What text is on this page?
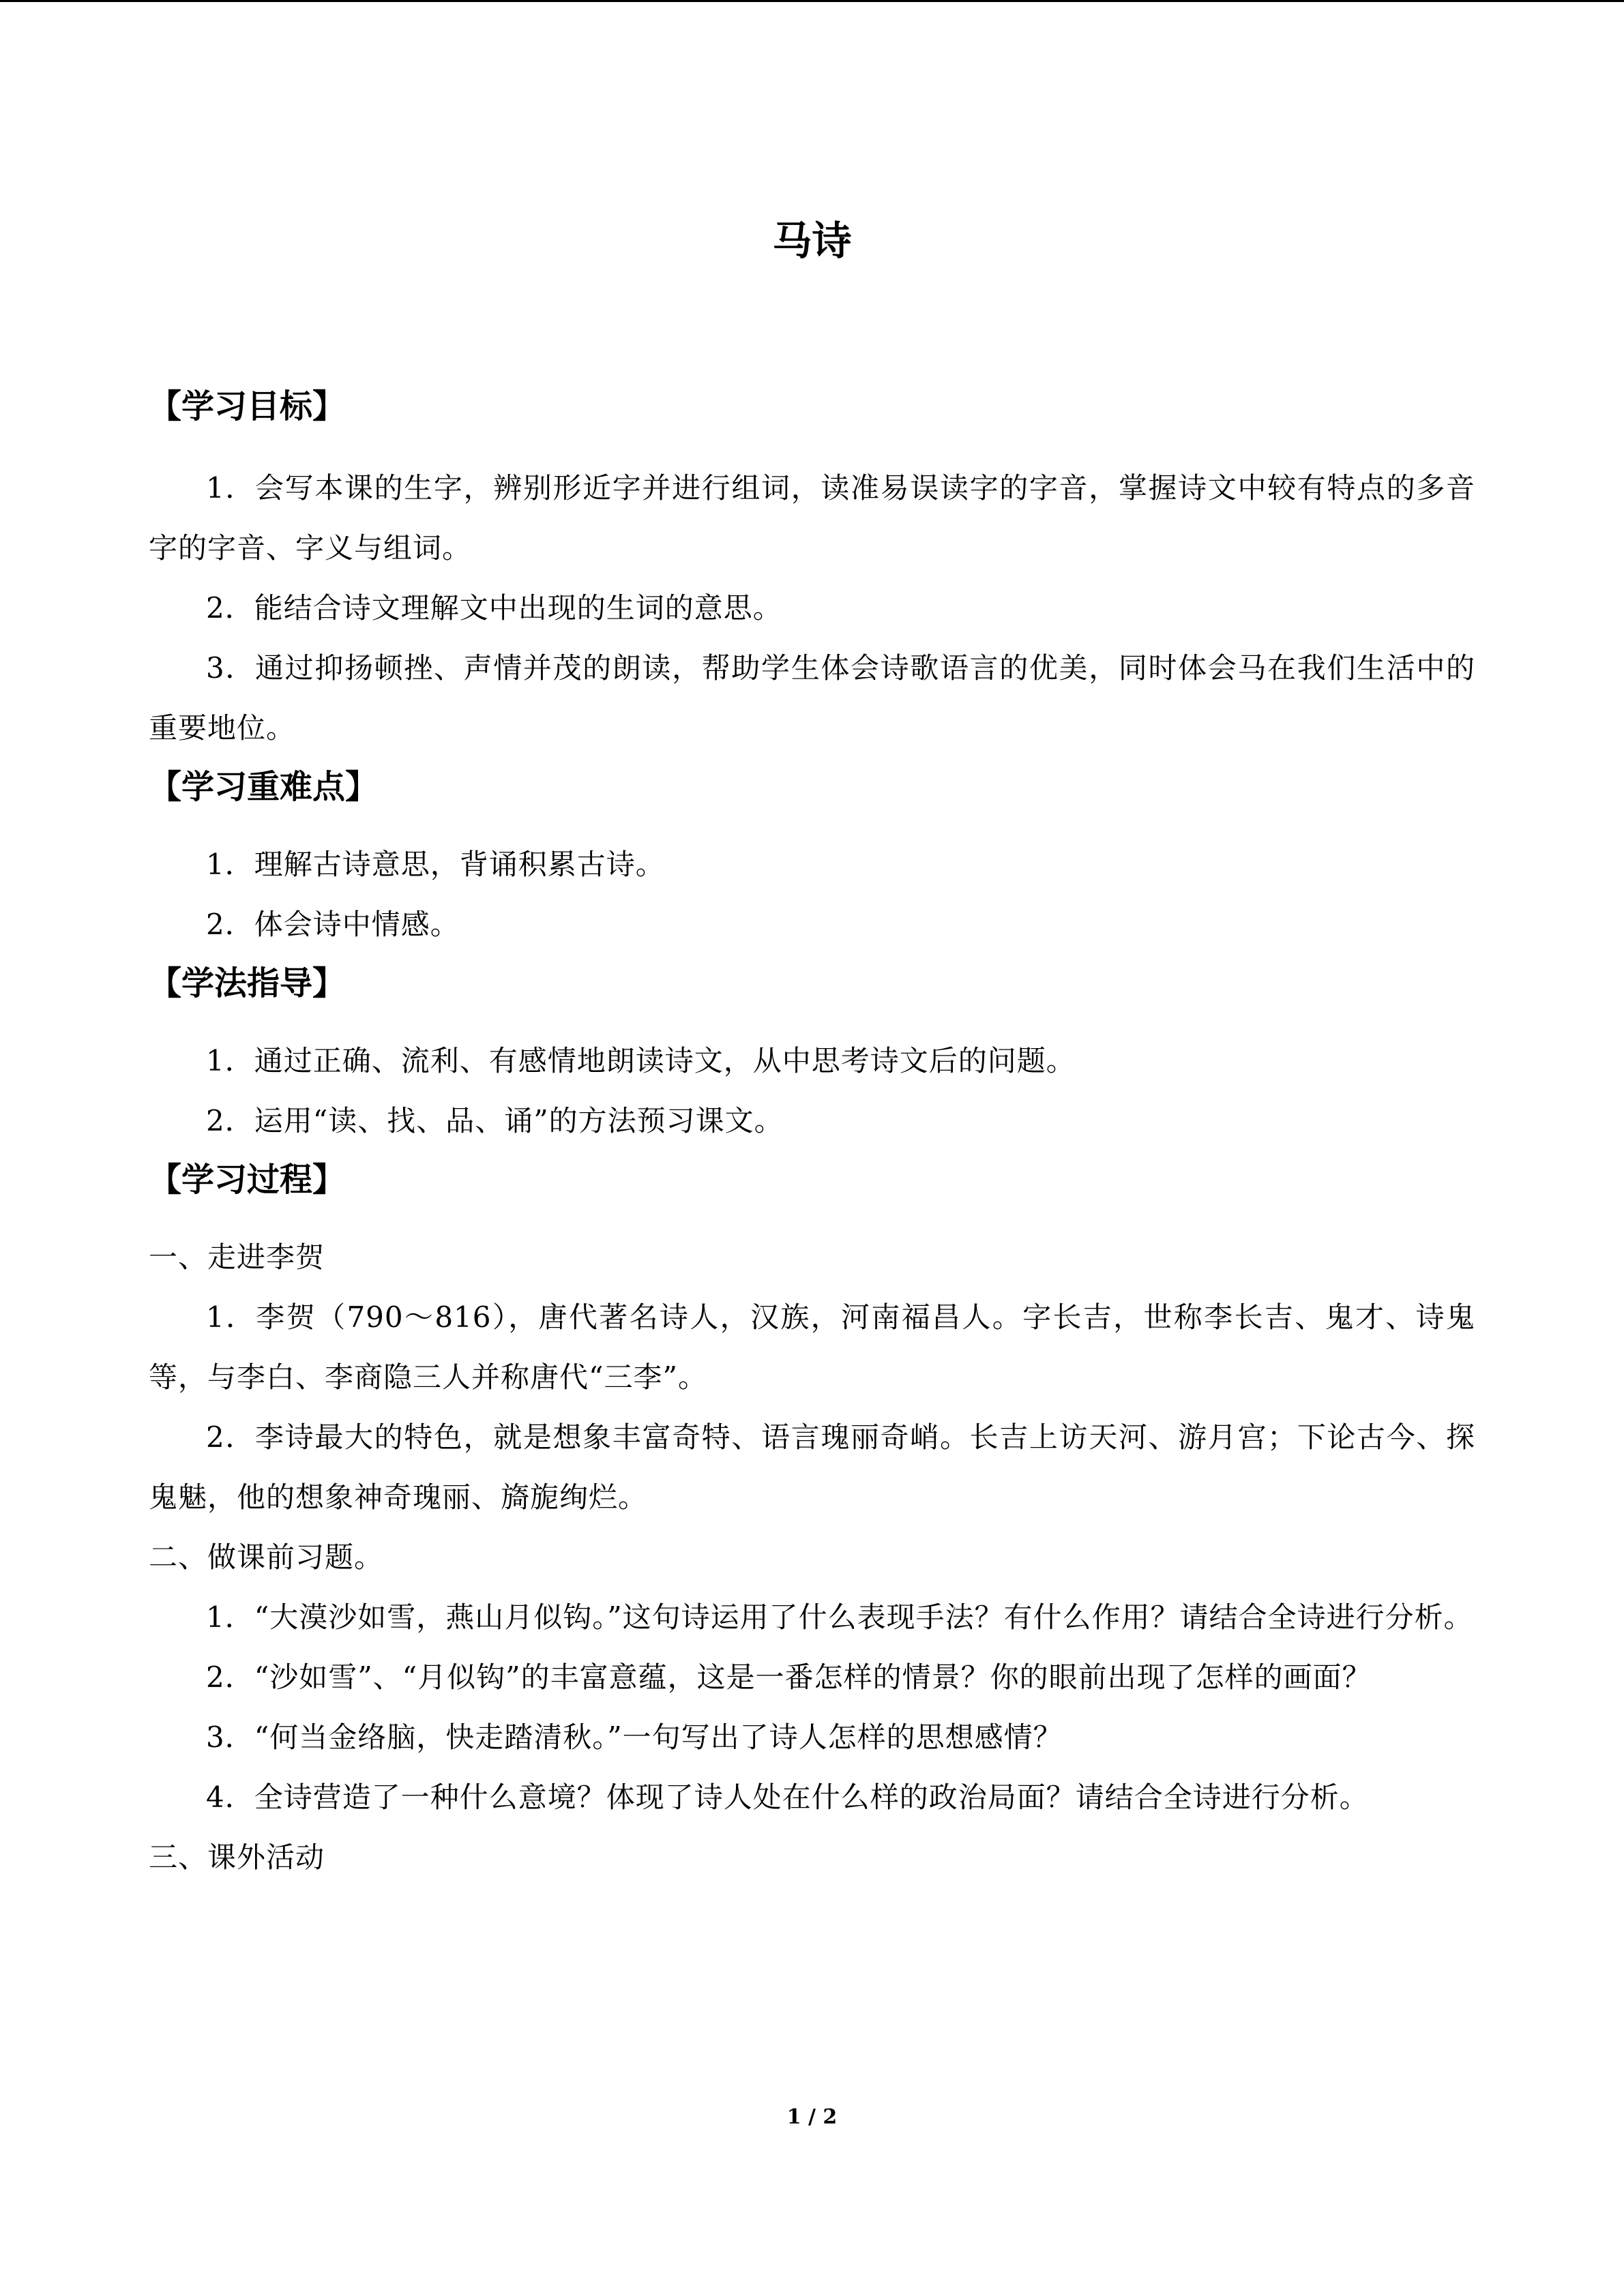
马诗
【学习目标】

1．会写本课的生字，辨别形近字并进行组词，读准易误读字的字音，掌握诗文中较有特点的多音字的字音、字义与组词。

2．能结合诗文理解文中出现的生词的意思。

3．通过抑扬顿挫、声情并茂的朗读，帮助学生体会诗歌语言的优美，同时体会马在我们生活中的重要地位。

【学习重难点】

1．理解古诗意思，背诵积累古诗。

2．体会诗中情感。

【学法指导】

1．通过正确、流利、有感情地朗读诗文，从中思考诗文后的问题。

2．运用“读、找、品、诵”的方法预习课文。

【学习过程】

一、走进李贺

1．李贺（790～816），唐代著名诗人，汉族，河南福昌人。字长吉，世称李长吉、鬼才、诗鬼等，与李白、李商隐三人并称唐代“三李”。

2．李诗最大的特色，就是想象丰富奇特、语言瑰丽奇峭。长吉上访天河、游月宫；下论古今、探鬼魅，他的想象神奇瑰丽、旖旎绚烂。

二、做课前习题。

1．“大漠沙如雪，燕山月似钩。”这句诗运用了什么表现手法？有什么作用？请结合全诗进行分析。

2．“沙如雪”、“月似钩”的丰富意蕴，这是一番怎样的情景？你的眼前出现了怎样的画面？

3．“何当金络脑，快走踏清秋。”一句写出了诗人怎样的思想感情？

4．全诗营造了一种什么意境？体现了诗人处在什么样的政治局面？请结合全诗进行分析。

三、课外活动

1 / 2
